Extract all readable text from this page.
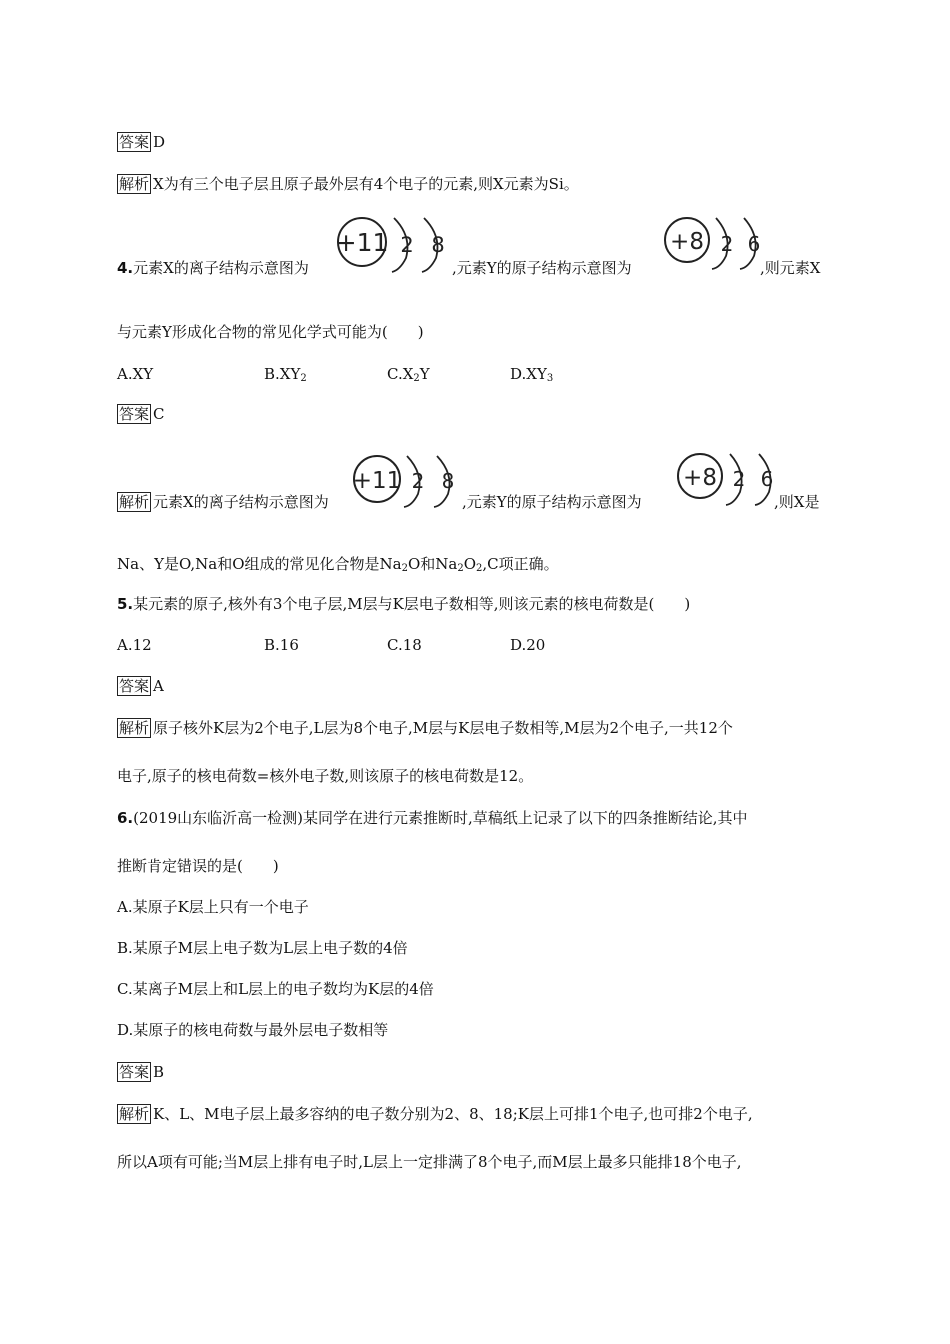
答案 D
解析 X为有三个电子层且原子最外层有4个电子的元素,则X元素为Si。
4.元素X的离子结构示意图为	,元素Y的原子结构示意图为	,则元素X
+11 2 8	+8 2 6
与元素Y形成化合物的常见化学式可能为(　　)
A.XY	$B.XY_2$	$C.X_2Y$	$D.XY_3$
答案 C
解析 元素X的离子结构示意图为	,元素Y的原子结构示意图为	,则X是
+11 2 8	+8 2 6
Na、Y是O,Na和O组成的常见化合物是$Na_2O$和$Na_2O_2,C$项正确。
5.某元素的原子,核外有3个电子层,M层与K层电子数相等,则该元素的核电荷数是(　　)
A.12	B.16	C.18	D.20
答案 A
解析 原子核外K层为2个电子,L层为8个电子,M层与K层电子数相等,M层为2个电子,一共12个
电子,原子的核电荷数=核外电子数,则该原子的核电荷数是12。
6.(2019山东临沂高一检测)某同学在进行元素推断时,草稿纸上记录了以下的四条推断结论,其中
推断肯定错误的是(　　)
A.某原子K层上只有一个电子
B.某原子M层上电子数为L层上电子数的4倍
C.某离子M层上和L层上的电子数均为K层的4倍
D.某原子的核电荷数与最外层电子数相等
答案 B
解析 K、L、M电子层上最多容纳的电子数分别为2、8、18;K层上可排1个电子,也可排2个电子,
所以A项有可能;当M层上排有电子时,L层上一定排满了8个电子,而M层上最多只能排18个电子,
